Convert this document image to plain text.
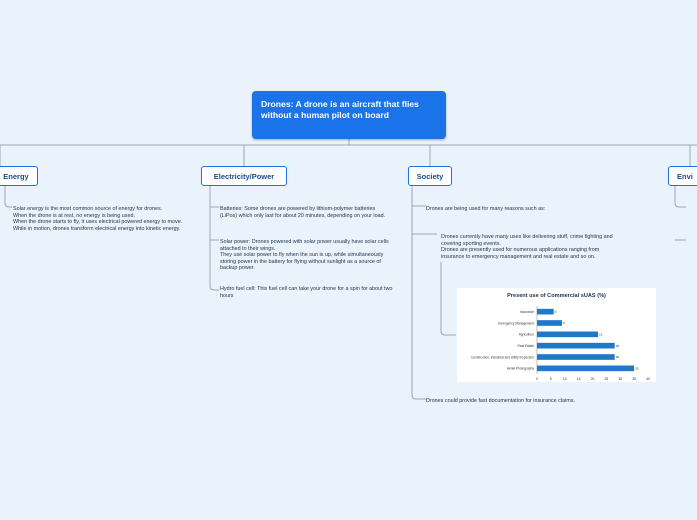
Drones: A drone is an aircraft that flies without a human pilot on board
Energy	Electricity/Power	Society	Envi

Solar energy is the most common source of energy for drones.

When the drone is at rest, no energy is being used.

When the drone starts to fly, it uses electrical powered energy to move.

While in motion, drones transform electrical energy into kinetic energy.

Batteries: Some drones are powered by lithium-polymer batteries (LiPos) which only last for about 20 minutes, depending on your load.

Solar power: Drones powered with solar power usually have solar cells attached to their wings.

They use solar power to fly when the sun is up, while simultaneously storing power in the battery for flying without sunlight as a source of backup power.

Hydro fuel cell: This fuel cell can take your drone for a spin for about two hours

Drones are being used for many reasons such as:

Drones currently have many uses like delivering stuff, crime fighting and covering sporting events.

Drones are presently used for numerous applications ranging from insurance to emergency management and real estate and so on.

Present use of Commercial sUAS (%)
Insurance	6
Emergency Management	9
Agriculture	22
Real Estate	28
Construction, Industrial and Utility Inspection	28
Aerial Photography	35
0	5	10	15	20	25	30	35	40

Drones could provide fast documentation for insurance claims.
